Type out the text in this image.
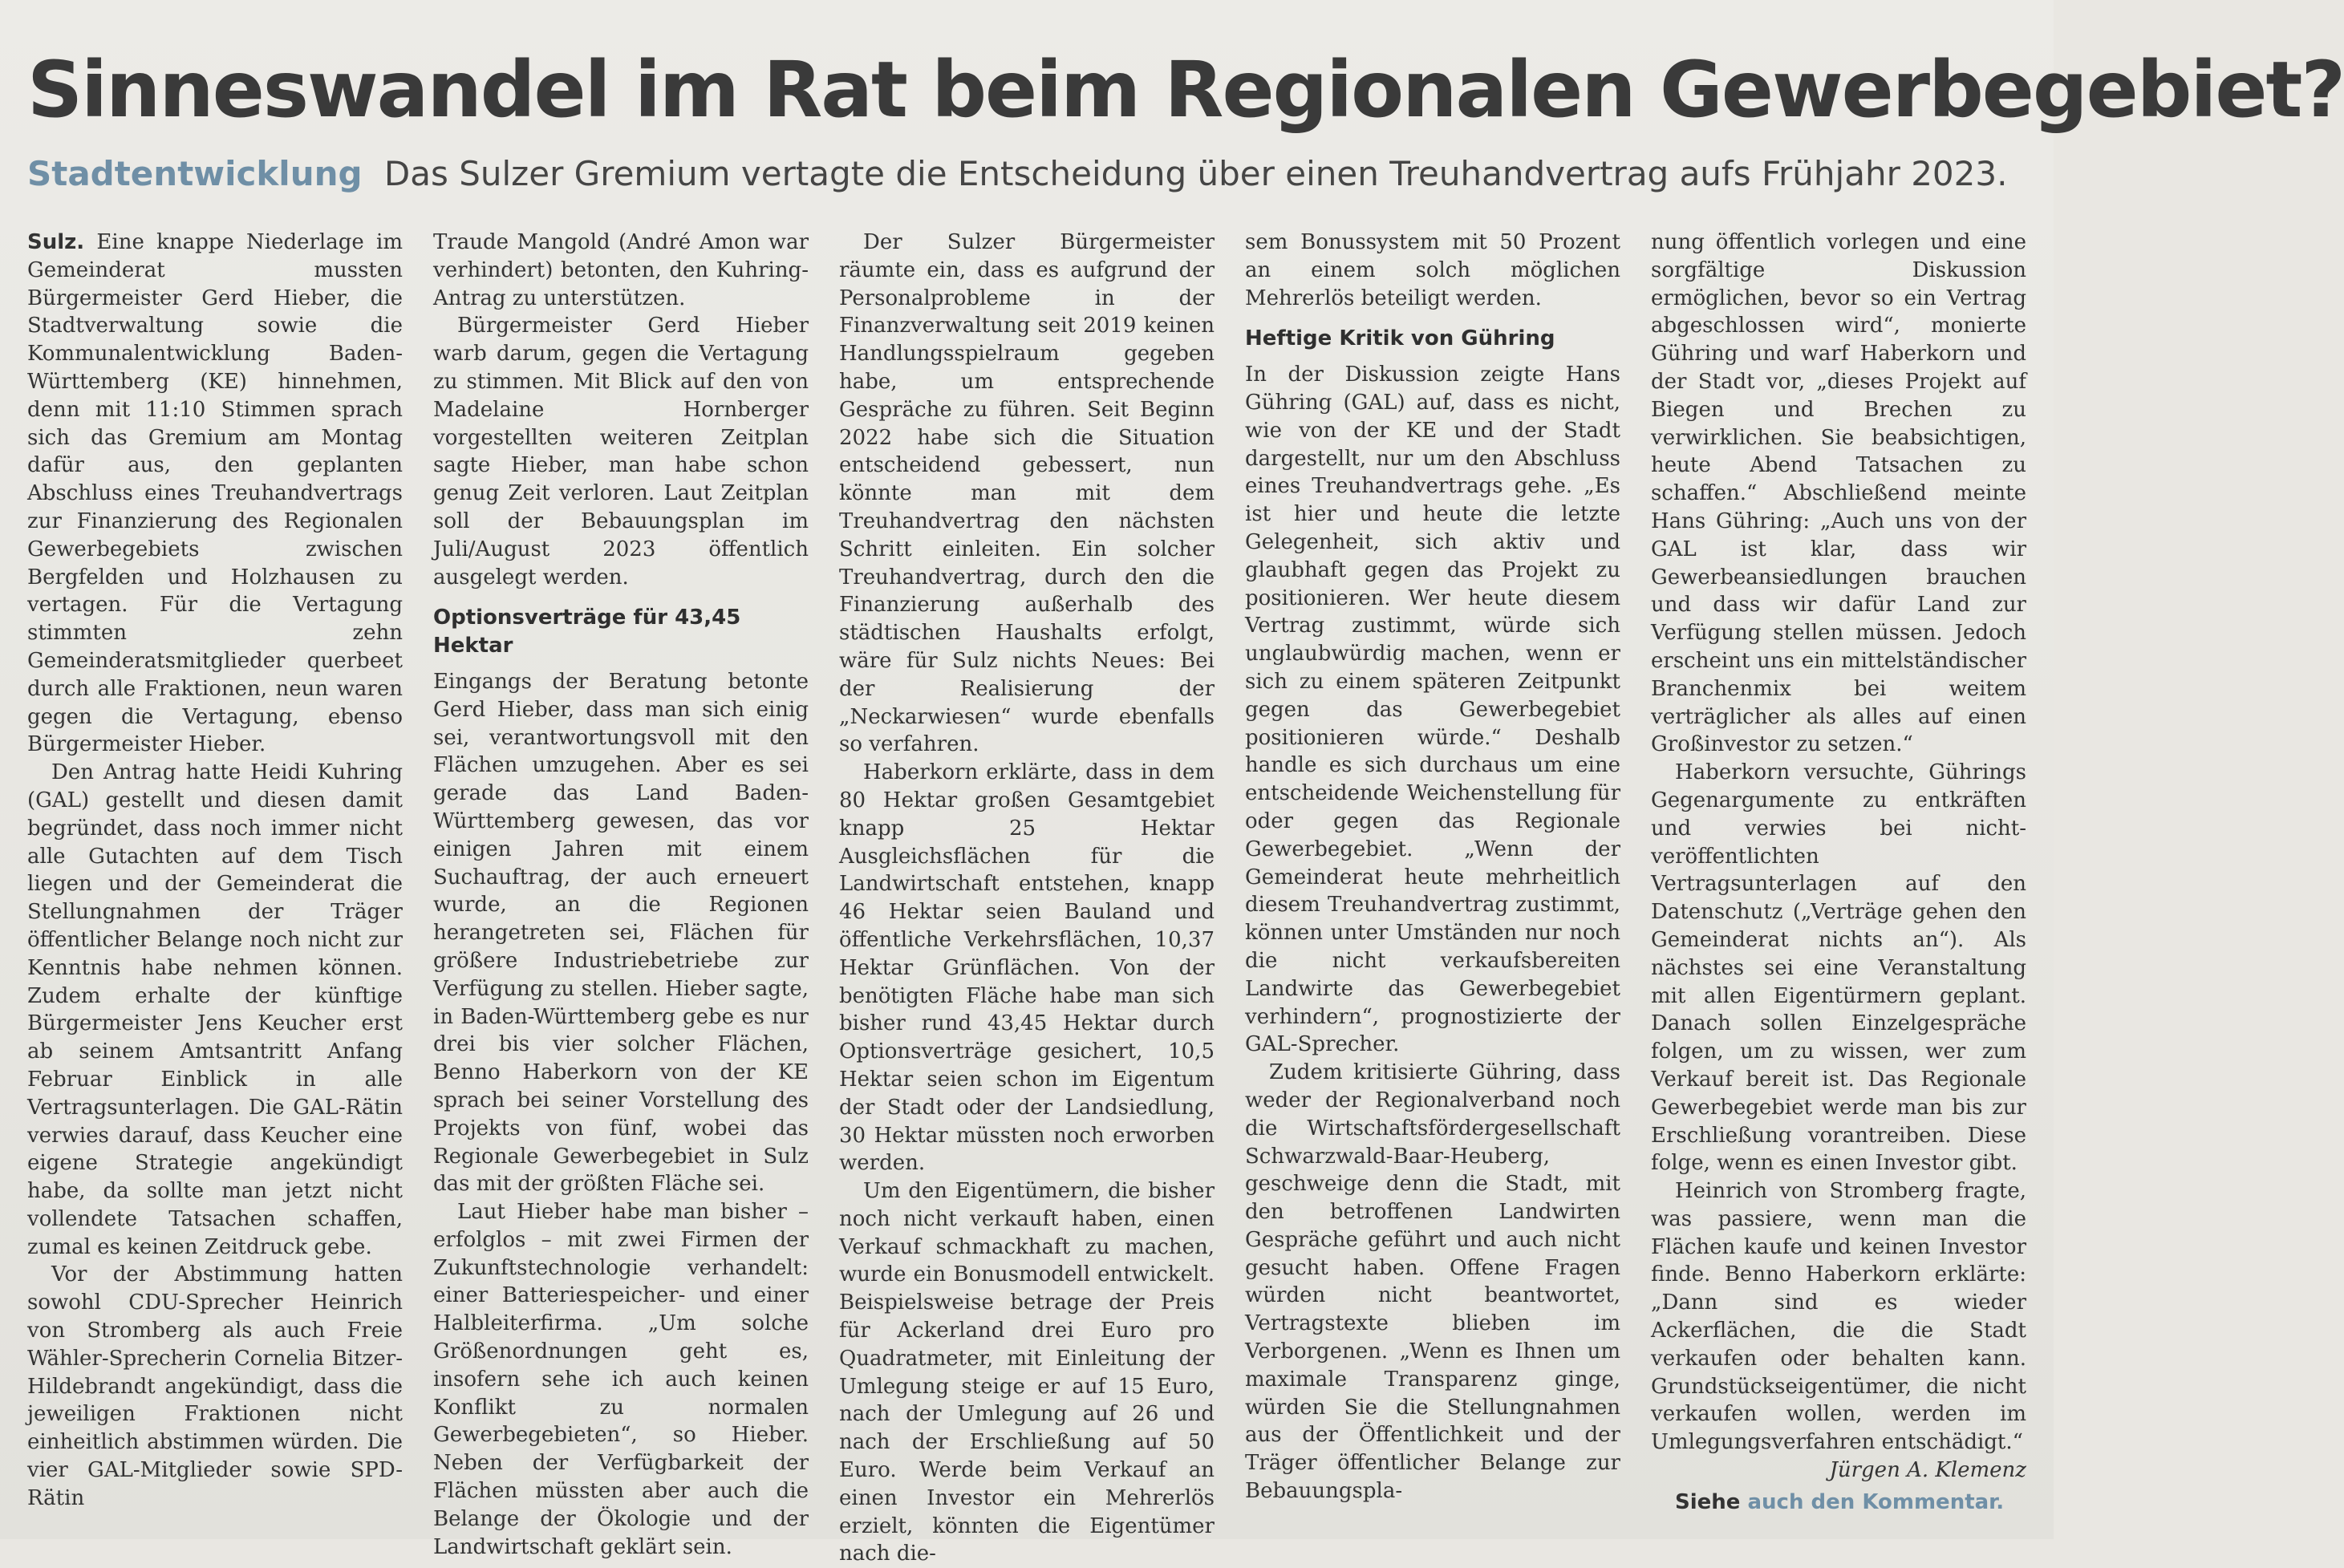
Sinneswandel im Rat beim Regionalen Gewerbegebiet?
Stadtentwicklung Das Sulzer Gremium vertagte die Entscheidung über einen Treuhandvertrag aufs Frühjahr 2023.

Sulz. Eine knappe Niederlage im Gemeinderat mussten Bürgermeister Gerd Hieber, die Stadtverwaltung sowie die Kommunalentwicklung Baden-Württemberg (KE) hinnehmen, denn mit 11:10 Stimmen sprach sich das Gremium am Montag dafür aus, den geplanten Abschluss eines Treuhandvertrags zur Finanzierung des Regionalen Gewerbegebiets zwischen Bergfelden und Holzhausen zu vertagen. Für die Vertagung stimmten zehn Gemeinderatsmitglieder querbeet durch alle Fraktionen, neun waren gegen die Vertagung, ebenso Bürgermeister Hieber.

Den Antrag hatte Heidi Kuhring (GAL) gestellt und diesen damit begründet, dass noch immer nicht alle Gutachten auf dem Tisch liegen und der Gemeinderat die Stellungnahmen der Träger öffentlicher Belange noch nicht zur Kenntnis habe nehmen können. Zudem erhalte der künftige Bürgermeister Jens Keucher erst ab seinem Amtsantritt Anfang Februar Einblick in alle Vertragsunterlagen. Die GAL-Rätin verwies darauf, dass Keucher eine eigene Strategie angekündigt habe, da sollte man jetzt nicht vollendete Tatsachen schaffen, zumal es keinen Zeitdruck gebe.

Vor der Abstimmung hatten sowohl CDU-Sprecher Heinrich von Stromberg als auch Freie Wähler-Sprecherin Cornelia Bitzer-Hildebrandt angekündigt, dass die jeweiligen Fraktionen nicht einheitlich abstimmen würden. Die vier GAL-Mitglieder sowie SPD-Rätin

Traude Mangold (André Amon war verhindert) betonten, den Kuhring-Antrag zu unterstützen.

Bürgermeister Gerd Hieber warb darum, gegen die Vertagung zu stimmen. Mit Blick auf den von Madelaine Hornberger vorgestellten weiteren Zeitplan sagte Hieber, man habe schon genug Zeit verloren. Laut Zeitplan soll der Bebauungsplan im Juli/August 2023 öffentlich ausgelegt werden.

Optionsverträge für 43,45 Hektar

Eingangs der Beratung betonte Gerd Hieber, dass man sich einig sei, verantwortungsvoll mit den Flächen umzugehen. Aber es sei gerade das Land Baden-Württemberg gewesen, das vor einigen Jahren mit einem Suchauftrag, der auch erneuert wurde, an die Regionen herangetreten sei, Flächen für größere Industriebetriebe zur Verfügung zu stellen. Hieber sagte, in Baden-Württemberg gebe es nur drei bis vier solcher Flächen, Benno Haberkorn von der KE sprach bei seiner Vorstellung des Projekts von fünf, wobei das Regionale Gewerbegebiet in Sulz das mit der größten Fläche sei.

Laut Hieber habe man bisher – erfolglos – mit zwei Firmen der Zukunftstechnologie verhandelt: einer Batteriespeicher- und einer Halbleiterfirma. „Um solche Größenordnungen geht es, insofern sehe ich auch keinen Konflikt zu normalen Gewerbegebieten“, so Hieber. Neben der Verfügbarkeit der Flächen müssten aber auch die Belange der Ökologie und der Landwirtschaft geklärt sein.

Der Sulzer Bürgermeister räumte ein, dass es aufgrund der Personalprobleme in der Finanzverwaltung seit 2019 keinen Handlungsspielraum gegeben habe, um entsprechende Gespräche zu führen. Seit Beginn 2022 habe sich die Situation entscheidend gebessert, nun könnte man mit dem Treuhandvertrag den nächsten Schritt einleiten. Ein solcher Treuhandvertrag, durch den die Finanzierung außerhalb des städtischen Haushalts erfolgt, wäre für Sulz nichts Neues: Bei der Realisierung der „Neckarwiesen“ wurde ebenfalls so verfahren.

Haberkorn erklärte, dass in dem 80 Hektar großen Gesamtgebiet knapp 25 Hektar Ausgleichsflächen für die Landwirtschaft entstehen, knapp 46 Hektar seien Bauland und öffentliche Verkehrsflächen, 10,37 Hektar Grünflächen. Von der benötigten Fläche habe man sich bisher rund 43,45 Hektar durch Optionsverträge gesichert, 10,5 Hektar seien schon im Eigentum der Stadt oder der Landsiedlung, 30 Hektar müssten noch erworben werden.

Um den Eigentümern, die bisher noch nicht verkauft haben, einen Verkauf schmackhaft zu machen, wurde ein Bonusmodell entwickelt. Beispielsweise betrage der Preis für Ackerland drei Euro pro Quadratmeter, mit Einleitung der Umlegung steige er auf 15 Euro, nach der Umlegung auf 26 und nach der Erschließung auf 50 Euro. Werde beim Verkauf an einen Investor ein Mehrerlös erzielt, könnten die Eigentümer nach die-

sem Bonussystem mit 50 Prozent an einem solch möglichen Mehrerlös beteiligt werden.

Heftige Kritik von Gühring

In der Diskussion zeigte Hans Gühring (GAL) auf, dass es nicht, wie von der KE und der Stadt dargestellt, nur um den Abschluss eines Treuhandvertrags gehe. „Es ist hier und heute die letzte Gelegenheit, sich aktiv und glaubhaft gegen das Projekt zu positionieren. Wer heute diesem Vertrag zustimmt, würde sich unglaubwürdig machen, wenn er sich zu einem späteren Zeitpunkt gegen das Gewerbegebiet positionieren würde.“ Deshalb handle es sich durchaus um eine entscheidende Weichenstellung für oder gegen das Regionale Gewerbegebiet. „Wenn der Gemeinderat heute mehrheitlich diesem Treuhandvertrag zustimmt, können unter Umständen nur noch die nicht verkaufsbereiten Landwirte das Gewerbegebiet verhindern“, prognostizierte der GAL-Sprecher.

Zudem kritisierte Gühring, dass weder der Regionalverband noch die Wirtschaftsfördergesellschaft Schwarzwald-Baar-Heuberg, geschweige denn die Stadt, mit den betroffenen Landwirten Gespräche geführt und auch nicht gesucht haben. Offene Fragen würden nicht beantwortet, Vertragstexte blieben im Verborgenen. „Wenn es Ihnen um maximale Transparenz ginge, würden Sie die Stellungnahmen aus der Öffentlichkeit und der Träger öffentlicher Belange zur Bebauungspla-

nung öffentlich vorlegen und eine sorgfältige Diskussion ermöglichen, bevor so ein Vertrag abgeschlossen wird“, monierte Gühring und warf Haberkorn und der Stadt vor, „dieses Projekt auf Biegen und Brechen zu verwirklichen. Sie beabsichtigen, heute Abend Tatsachen zu schaffen.“ Abschließend meinte Hans Gühring: „Auch uns von der GAL ist klar, dass wir Gewerbeansiedlungen brauchen und dass wir dafür Land zur Verfügung stellen müssen. Jedoch erscheint uns ein mittelständischer Branchenmix bei weitem verträglicher als alles auf einen Großinvestor zu setzen.“

Haberkorn versuchte, Gührings Gegenargumente zu entkräften und verwies bei nicht-veröffentlichten Vertragsunterlagen auf den Datenschutz („Verträge gehen den Gemeinderat nichts an“). Als nächstes sei eine Veranstaltung mit allen Eigentürmern geplant. Danach sollen Einzelgespräche folgen, um zu wissen, wer zum Verkauf bereit ist. Das Regionale Gewerbegebiet werde man bis zur Erschließung vorantreiben. Diese folge, wenn es einen Investor gibt.

Heinrich von Stromberg fragte, was passiere, wenn man die Flächen kaufe und keinen Investor finde. Benno Haberkorn erklärte: „Dann sind es wieder Ackerflächen, die die Stadt verkaufen oder behalten kann. Grundstückseigentümer, die nicht verkaufen wollen, werden im Umlegungsverfahren entschädigt.“
Jürgen A. Klemenz

Siehe auch den Kommentar.
